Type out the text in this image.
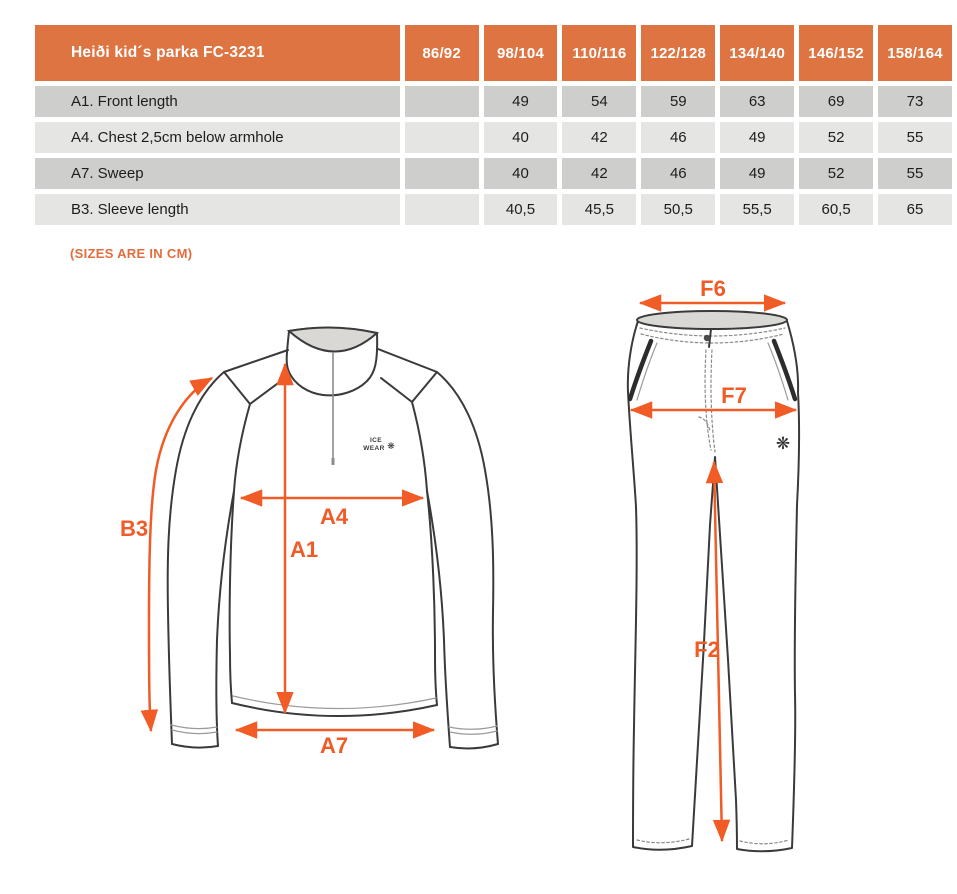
Heiði kid´s parka FC-3231	86/92	98/104	110/116	122/128	134/140	146/152	158/164
A1. Front length		49	54	59	63	69	73
A4. Chest 2,5cm below armhole		40	42	46	49	52	55
A7. Sweep		40	42	46	49	52	55
B3. Sleeve length		40,5	45,5	50,5	55,5	60,5	65
(SIZES ARE IN CM)
ICE
WEAR ❋
B3	A4
A1
A7
❋
F6
F7
F2
